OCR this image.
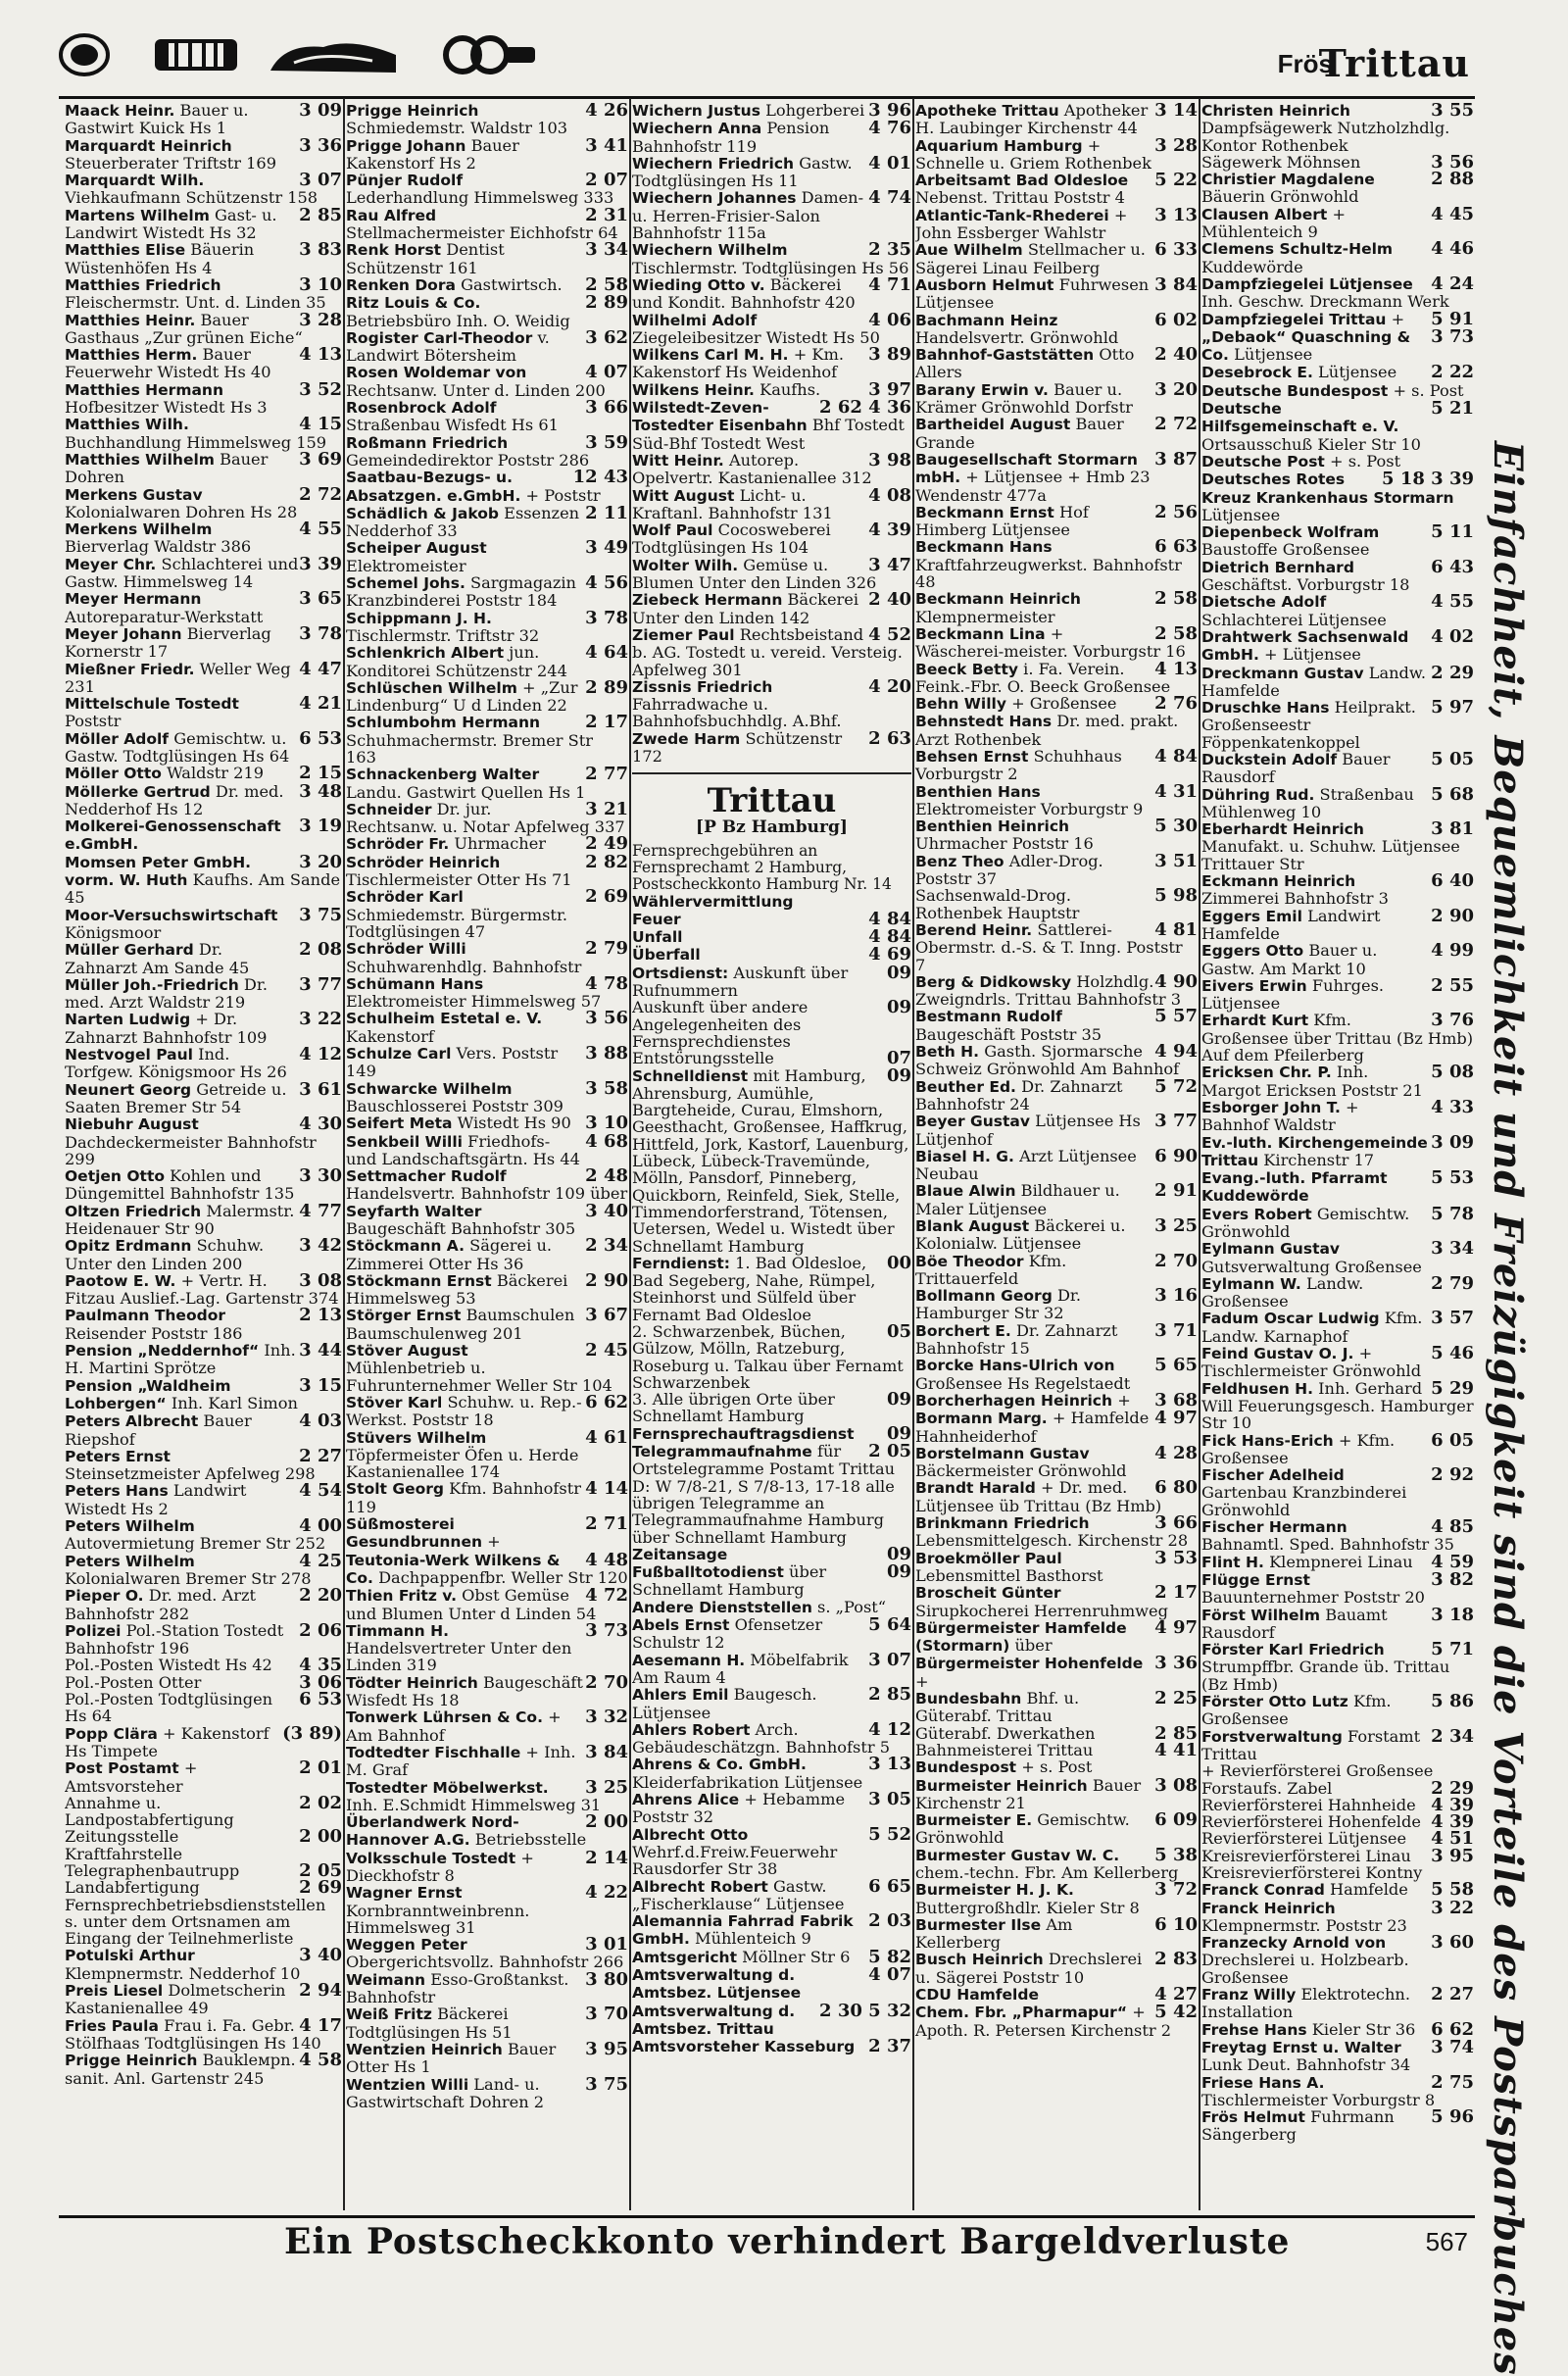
Frös
Trittau
3 09
Maack Heinr. Bauer u. Gastwirt Kuick Hs 1
3 36
Marquardt Heinrich Steuerberater Triftstr 169
3 07
Marquardt Wilh. Viehkaufmann Schützenstr 158
2 85
Martens Wilhelm Gast- u. Landwirt Wistedt Hs 32
3 83
Matthies Elise Bäuerin Wüstenhöfen Hs 4
3 10
Matthies Friedrich Fleischermstr. Unt. d. Linden 35
3 28
Matthies Heinr. Bauer Gasthaus „Zur grünen Eiche“
4 13
Matthies Herm. Bauer Feuerwehr Wistedt Hs 40
3 52
Matthies Hermann Hofbesitzer Wistedt Hs 3
4 15
Matthies Wilh. Buchhandlung Himmelsweg 159
3 69
Matthies Wilhelm Bauer Dohren
2 72
Merkens Gustav Kolonialwaren Dohren Hs 28
4 55
Merkens Wilhelm Bierverlag Waldstr 386
3 39
Meyer Chr. Schlachterei und Gastw. Himmelsweg 14
3 65
Meyer Hermann Autoreparatur-Werkstatt
3 78
Meyer Johann Bierverlag Kornerstr 17
4 47
Mießner Friedr. Weller Weg 231
4 21
Mittelschule Tostedt Poststr
6 53
Möller Adolf Gemischtw. u. Gastw. Todtglüsingen Hs 64
2 15
Möller Otto Waldstr 219
3 48
Möllerke Gertrud Dr. med. Nedderhof Hs 12
3 19
Molkerei-Genossenschaft e.GmbH.
3 20
Momsen Peter GmbH. vorm. W. Huth Kaufhs. Am Sande 45
3 75
Moor-Versuchswirtschaft Königsmoor
2 08
Müller Gerhard Dr. Zahnarzt Am Sande 45
3 77
Müller Joh.-Friedrich Dr. med. Arzt Waldstr 219
3 22
Narten Ludwig + Dr. Zahnarzt Bahnhofstr 109
4 12
Nestvogel Paul Ind. Torfgew. Königsmoor Hs 26
3 61
Neunert Georg Getreide u. Saaten Bremer Str 54
4 30
Niebuhr August Dachdeckermeister Bahnhofstr 299
3 30
Oetjen Otto Kohlen und Düngemittel Bahnhofstr 135
4 77
Oltzen Friedrich Malermstr. Heidenauer Str 90
3 42
Opitz Erdmann Schuhw. Unter den Linden 200
3 08
Paotow E. W. + Vertr. H. Fitzau Auslief.-Lag. Gartenstr 374
2 13
Paulmann Theodor Reisender Poststr 186
3 44
Pension „Neddernhof“ Inh. H. Martini Sprötze
3 15
Pension „Waldheim Lohbergen“ Inh. Karl Simon
4 03
Peters Albrecht Bauer Riepshof
2 27
Peters Ernst Steinsetzmeister Apfelweg 298
4 54
Peters Hans Landwirt Wistedt Hs 2
4 00
Peters Wilhelm Autovermietung Bremer Str 252
4 25
Peters Wilhelm Kolonialwaren Bremer Str 278
2 20
Pieper O. Dr. med. Arzt Bahnhofstr 282
2 06
Polizei Pol.-Station Tostedt Bahnhofstr 196
4 35
Pol.-Posten Wistedt Hs 42
3 06
Pol.-Posten Otter
6 53
Pol.-Posten Todtglüsingen Hs 64
(3 89)
Popp Clära + Kakenstorf Hs Timpete
2 01
Post Postamt + Amtsvorsteher
2 02
Annahme u. Landpostabfertigung
2 00
Zeitungsstelle Kraftfahrstelle
2 05
Telegraphenbautrupp
2 69
Landabfertigung
Fernsprechbetriebsdienststellen s. unter dem Ortsnamen am Eingang der Teilnehmerliste
3 40
Potulski Arthur Klempnermstr. Nedderhof 10
2 94
Preis Liesel Dolmetscherin Kastanienallee 49
4 17
Fries Paula Frau i. Fa. Gebr. Stölfhaas Todtglüsingen Hs 140
4 58
Prigge Heinrich Baukleмpn. sanit. Anl. Gartenstr 245
4 26
Prigge Heinrich Schmiedemstr. Waldstr 103
3 41
Prigge Johann Bauer Kakenstorf Hs 2
2 07
Pünjer Rudolf Lederhandlung Himmelsweg 333
2 31
Rau Alfred Stellmachermeister Eichhofstr 64
3 34
Renk Horst Dentist Schützenstr 161
2 58
Renken Dora Gastwirtsch.
2 89
Ritz Louis & Co. Betriebsbüro Inh. O. Weidig
3 62
Rogister Carl-Theodor v. Landwirt Bötersheim
4 07
Rosen Woldemar von Rechtsanw. Unter d. Linden 200
3 66
Rosenbrock Adolf Straßenbau Wisfedt Hs 61
3 59
Roßmann Friedrich Gemeindedirektor Poststr 286
12 43
Saatbau-Bezugs- u. Absatzgen. e.GmbH. + Poststr
2 11
Schädlich & Jakob Essenzen Nedderhof 33
3 49
Scheiper August Elektromeister
4 56
Schemel Johs. Sargmagazin Kranzbinderei Poststr 184
3 78
Schippmann J. H. Tischlermstr. Triftstr 32
4 64
Schlenkrich Albert jun. Konditorei Schützenstr 244
2 89
Schlüschen Wilhelm + „Zur Lindenburg“ U d Linden 22
2 17
Schlumbohm Hermann Schuhmachermstr. Bremer Str 163
2 77
Schnackenberg Walter Landu. Gastwirt Quellen Hs 1
3 21
Schneider Dr. jur. Rechtsanw. u. Notar Apfelweg 337
2 49
Schröder Fr. Uhrmacher
2 82
Schröder Heinrich Tischlermeister Otter Hs 71
2 69
Schröder Karl Schmiedemstr. Bürgermstr. Todtglüsingen 47
2 79
Schröder Willi Schuhwarenhdlg. Bahnhofstr
4 78
Schümann Hans Elektromeister Himmelsweg 57
3 56
Schulheim Estetal e. V. Kakenstorf
3 88
Schulze Carl Vers. Poststr 149
3 58
Schwarcke Wilhelm Bauschlosserei Poststr 309
3 10
Seifert Meta Wistedt Hs 90
4 68
Senkbeil Willi Friedhofs- und Landschaftsgärtn. Hs 44
2 48
Settmacher Rudolf Handelsvertr. Bahnhofstr 109 über
3 40
Seyfarth Walter Baugeschäft Bahnhofstr 305
2 34
Stöckmann A. Sägerei u. Zimmerei Otter Hs 36
2 90
Stöckmann Ernst Bäckerei Himmelsweg 53
3 67
Störger Ernst Baumschulen Baumschulenweg 201
2 45
Stöver August Mühlenbetrieb u. Fuhrunternehmer Weller Str 104
6 62
Stöver Karl Schuhw. u. Rep.-Werkst. Poststr 18
4 61
Stüvers Wilhelm Töpfermeister Öfen u. Herde Kastanienallee 174
4 14
Stolt Georg Kfm. Bahnhofstr 119
2 71
Süßmosterei Gesundbrunnen +
4 48
Teutonia-Werk Wilkens & Co. Dachpappenfbr. Weller Str 120
4 72
Thien Fritz v. Obst Gemüse und Blumen Unter d Linden 54
3 73
Timmann H. Handelsvertreter Unter den Linden 319
2 70
Tödter Heinrich Baugeschäft Wisfedt Hs 18
3 32
Tonwerk Lührsen & Co. + Am Bahnhof
3 84
Todtedter Fischhalle + Inh. M. Graf
3 25
Tostedter Möbelwerkst. Inh. E.Schmidt Himmelsweg 31
2 00
Überlandwerk Nord-Hannover A.G. Betriebsstelle
2 14
Volksschule Tostedt + Dieckhofstr 8
4 22
Wagner Ernst Kornbranntweinbrenn. Himmelsweg 31
3 01
Weggen Peter Obergerichtsvollz. Bahnhofstr 266
3 80
Weimann Esso-Großtankst. Bahnhofstr
3 70
Weiß Fritz Bäckerei Todtglüsingen Hs 51
3 95
Wentzien Heinrich Bauer Otter Hs 1
3 75
Wentzien Willi Land- u. Gastwirtschaft Dohren 2
3 96
Wichern Justus Lohgerberei
4 76
Wiechern Anna Pension Bahnhofstr 119
4 01
Wiechern Friedrich Gastw. Todtglüsingen Hs 11
4 74
Wiechern Johannes Damen- u. Herren-Frisier-Salon Bahnhofstr 115a
2 35
Wiechern Wilhelm Tischlermstr. Todtglüsingen Hs 56
4 71
Wieding Otto v. Bäckerei und Kondit. Bahnhofstr 420
4 06
Wilhelmi Adolf Ziegeleibesitzer Wistedt Hs 50
3 89
Wilkens Carl M. H. + Km. Kakenstorf Hs Weidenhof
3 97
Wilkens Heinr. Kaufhs.
2 62 4 36
Wilstedt-Zeven-Tostedter Eisenbahn Bhf Tostedt Süd-Bhf Tostedt West
3 98
Witt Heinr. Autorep. Opelvertr. Kastanienallee 312
4 08
Witt August Licht- u. Kraftanl. Bahnhofstr 131
4 39
Wolf Paul Cocosweberei Todtglüsingen Hs 104
3 47
Wolter Wilh. Gemüse u. Blumen Unter den Linden 326
2 40
Ziebeck Hermann Bäckerei Unter den Linden 142
4 52
Ziemer Paul Rechtsbeistand b. AG. Tostedt u. vereid. Versteig. Apfelweg 301
4 20
Zissnis Friedrich Fahrradwache u. Bahnhofsbuchhdlg. A.Bhf.
2 63
Zwede Harm Schützenstr 172
Trittau
[P Bz Hamburg]
Fernsprechgebühren an Fernsprechamt 2 Hamburg, Postscheckkonto Hamburg Nr. 14
Wählervermittlung
4 84
Feuer
4 84
Unfall
4 69
Überfall
09
Ortsdienst: Auskunft über Rufnummern
09
Auskunft über andere Angelegenheiten des Fernsprechdienstes
07
Entstörungsstelle
09
Schnelldienst mit Hamburg, Ahrensburg, Aumühle, Bargteheide, Curau, Elmshorn, Geesthacht, Großensee, Haffkrug, Hittfeld, Jork, Kastorf, Lauenburg, Lübeck, Lübeck-Travemünde, Mölln, Pansdorf, Pinneberg, Quickborn, Reinfeld, Siek, Stelle, Timmendorferstrand, Tötensen, Uetersen, Wedel u. Wistedt über Schnellamt Hamburg
00
Ferndienst: 1. Bad Oldesloe, Bad Segeberg, Nahe, Rümpel, Steinhorst und Sülfeld über Fernamt Bad Oldesloe
05
2. Schwarzenbek, Büchen, Gülzow, Mölln, Ratzeburg, Roseburg u. Talkau über Fernamt Schwarzenbek
09
3. Alle übrigen Orte über Schnellamt Hamburg
09
Fernsprechauftragsdienst
2 05
Telegrammaufnahme für Ortstelegramme Postamt Trittau D: W 7/8-21, S 7/8-13, 17-18 alle übrigen Telegramme an Telegrammaufnahme Hamburg über Schnellamt Hamburg
09
Zeitansage
09
Fußballtotodienst über Schnellamt Hamburg
Andere Dienststellen s. „Post“
5 64
Abels Ernst Ofensetzer Schulstr 12
3 07
Aesemann H. Möbelfabrik Am Raum 4
2 85
Ahlers Emil Baugesch. Lütjensee
4 12
Ahlers Robert Arch. Gebäudeschätzgn. Bahnhofstr 5
3 13
Ahrens & Co. GmbH. Kleiderfabrikation Lütjensee
3 05
Ahrens Alice + Hebamme Poststr 32
5 52
Albrecht Otto Wehrf.d.Freiw.Feuerwehr Rausdorfer Str 38
6 65
Albrecht Robert Gastw. „Fischerklause“ Lütjensee
2 03
Alemannia Fahrrad Fabrik GmbH. Mühlenteich 9
5 82
Amtsgericht Möllner Str 6
4 07
Amtsverwaltung d. Amtsbez. Lütjensee
2 30 5 32
Amtsverwaltung d. Amtsbez. Trittau
2 37
Amtsvorsteher Kasseburg
3 14
Apotheke Trittau Apotheker H. Laubinger Kirchenstr 44
3 28
Aquarium Hamburg + Schnelle u. Griem Rothenbek
5 22
Arbeitsamt Bad Oldesloe Nebenst. Trittau Poststr 4
3 13
Atlantic-Tank-Rhederei + John Essberger Wahlstr
6 33
Aue Wilhelm Stellmacher u. Sägerei Linau Feilberg
3 84
Ausborn Helmut Fuhrwesen Lütjensee
6 02
Bachmann Heinz Handelsvertr. Grönwohld
2 40
Bahnhof-Gaststätten Otto Allers
3 20
Barany Erwin v. Bauer u. Krämer Grönwohld Dorfstr
2 72
Bartheidel August Bauer Grande
3 87
Baugesellschaft Stormarn mbH. + Lütjensee + Hmb 23 Wendenstr 477a
2 56
Beckmann Ernst Hof Himberg Lütjensee
6 63
Beckmann Hans Kraftfahrzeugwerkst. Bahnhofstr 48
2 58
Beckmann Heinrich Klempnermeister
2 58
Beckmann Lina + Wäscherei-meister. Vorburgstr 16
4 13
Beeck Betty i. Fa. Verein. Feink.-Fbr. O. Beeck Großensee
2 76
Behn Willy + Großensee
Behnstedt Hans Dr. med. prakt. Arzt Rothenbek
4 84
Behsen Ernst Schuhhaus Vorburgstr 2
4 31
Benthien Hans Elektromeister Vorburgstr 9
5 30
Benthien Heinrich Uhrmacher Poststr 16
3 51
Benz Theo Adler-Drog. Poststr 37
5 98
Sachsenwald-Drog. Rothenbek Hauptstr
4 81
Berend Heinr. Sattlerei-Obermstr. d.-S. & T. Inng. Poststr 7
4 90
Berg & Didkowsky Holzhdlg. Zweigndrls. Trittau Bahnhofstr 3
5 57
Bestmann Rudolf Baugeschäft Poststr 35
4 94
Beth H. Gasth. Sjormarsche Schweiz Grönwohld Am Bahnhof
5 72
Beuther Ed. Dr. Zahnarzt Bahnhofstr 24
3 77
Beyer Gustav Lütjensee Hs Lütjenhof
6 90
Biasel H. G. Arzt Lütjensee Neubau
2 91
Blaue Alwin Bildhauer u. Maler Lütjensee
3 25
Blank August Bäckerei u. Kolonialw. Lütjensee
2 70
Böe Theodor Kfm. Trittauerfeld
3 16
Bollmann Georg Dr. Hamburger Str 32
3 71
Borchert E. Dr. Zahnarzt Bahnhofstr 15
5 65
Borcke Hans-Ulrich von Großensee Hs Regelstaedt
3 68
Borcherhagen Heinrich +
4 97
Bormann Marg. + Hamfelde Hahnheiderhof
4 28
Borstelmann Gustav Bäckermeister Grönwohld
6 80
Brandt Harald + Dr. med. Lütjensee üb Trittau (Bz Hmb)
3 66
Brinkmann Friedrich Lebensmittelgesch. Kirchenstr 28
3 53
Broekmöller Paul Lebensmittel Basthorst
2 17
Broscheit Günter Sirupkocherei Herrenruhmweg
4 97
Bürgermeister Hamfelde (Stormarn) über
3 36
Bürgermeister Hohenfelde +
2 25
Bundesbahn Bhf. u. Güterabf. Trittau
2 85
Güterabf. Dwerkathen
4 41
Bahnmeisterei Trittau
Bundespost + s. Post
3 08
Burmeister Heinrich Bauer Kirchenstr 21
6 09
Burmeister E. Gemischtw. Grönwohld
5 38
Burmester Gustav W. C. chem.-techn. Fbr. Am Kellerberg
3 72
Burmeister H. J. K. Buttergroßhdlr. Kieler Str 8
6 10
Burmester Ilse Am Kellerberg
2 83
Busch Heinrich Drechslerei u. Sägerei Poststr 10
4 27
CDU Hamfelde
5 42
Chem. Fbr. „Pharmapur“ + Apoth. R. Petersen Kirchenstr 2
3 55
Christen Heinrich Dampfsägewerk Nutzholzhdlg. Kontor Rothenbek
3 56
Sägewerk Möhnsen
2 88
Christier Magdalene Bäuerin Grönwohld
4 45
Clausen Albert + Mühlenteich 9
4 46
Clemens Schultz-Helm Kuddewörde
4 24
Dampfziegelei Lütjensee Inh. Geschw. Dreckmann Werk
5 91
Dampfziegelei Trittau +
3 73
„Debaok“ Quaschning & Co. Lütjensee
2 22
Desebrock E. Lütjensee
Deutsche Bundespost + s. Post
5 21
Deutsche Hilfsgemeinschaft e. V. Ortsausschuß Kieler Str 10
Deutsche Post + s. Post
5 18 3 39
Deutsches Rotes Kreuz Krankenhaus Stormarn Lütjensee
5 11
Diepenbeck Wolfram Baustoffe Großensee
6 43
Dietrich Bernhard Geschäftst. Vorburgstr 18
4 55
Dietsche Adolf Schlachterei Lütjensee
4 02
Drahtwerk Sachsenwald GmbH. + Lütjensee
2 29
Dreckmann Gustav Landw. Hamfelde
5 97
Druschke Hans Heilprakt. Großenseestr Föppenkatenkoppel
5 05
Duckstein Adolf Bauer Rausdorf
5 68
Dühring Rud. Straßenbau Mühlenweg 10
3 81
Eberhardt Heinrich Manufakt. u. Schuhw. Lütjensee Trittauer Str
6 40
Eckmann Heinrich Zimmerei Bahnhofstr 3
2 90
Eggers Emil Landwirt Hamfelde
4 99
Eggers Otto Bauer u. Gastw. Am Markt 10
2 55
Eivers Erwin Fuhrges. Lütjensee
3 76
Erhardt Kurt Kfm. Großensee über Trittau (Bz Hmb) Auf dem Pfeilerberg
5 08
Ericksen Chr. P. Inh. Margot Ericksen Poststr 21
4 33
Esborger John T. + Bahnhof Waldstr
3 09
Ev.-luth. Kirchengemeinde Trittau Kirchenstr 17
5 53
Evang.-luth. Pfarramt Kuddewörde
5 78
Evers Robert Gemischtw. Grönwohld
3 34
Eylmann Gustav Gutsverwaltung Großensee
2 79
Eylmann W. Landw. Großensee
3 57
Fadum Oscar Ludwig Kfm. Landw. Karnaphof
5 46
Feind Gustav O. J. + Tischlermeister Grönwohld
5 29
Feldhusen H. Inh. Gerhard Will Feuerungsgesch. Hamburger Str 10
6 05
Fick Hans-Erich + Kfm. Großensee
2 92
Fischer Adelheid Gartenbau Kranzbinderei Grönwohld
4 85
Fischer Hermann Bahnamtl. Sped. Bahnhofstr 35
4 59
Flint H. Klempnerei Linau
3 82
Flügge Ernst Bauunternehmer Poststr 20
3 18
Först Wilhelm Bauamt Rausdorf
5 71
Förster Karl Friedrich Strumpffbr. Grande üb. Trittau (Bz Hmb)
5 86
Förster Otto Lutz Kfm. Großensee
2 34
Forstverwaltung Forstamt Trittau
+ Revierförsterei Großensee
2 29
Forstaufs. Zabel
4 39
Revierförsterei Hahnheide
4 39
Revierförsterei Hohenfelde
4 51
Revierförsterei Lütjensee
3 95
Kreisrevierförsterei Linau Kreisrevierförsterei Kontny
5 58
Franck Conrad Hamfelde
3 22
Franck Heinrich Klempnermstr. Poststr 23
3 60
Franzecky Arnold von Drechslerei u. Holzbearb. Großensee
2 27
Franz Willy Elektrotechn. Installation
6 62
Frehse Hans Kieler Str 36
3 74
Freytag Ernst u. Walter Lunk Deut. Bahnhofstr 34
2 75
Friese Hans A. Tischlermeister Vorburgstr 8
5 96
Frös Helmut Fuhrmann Sängerberg	Einfachheit, Bequemlichkeit und Freizügigkeit sind die Vorteile des Postsparbuches
Ein Postscheckkonto verhindert Bargeldverluste	567
